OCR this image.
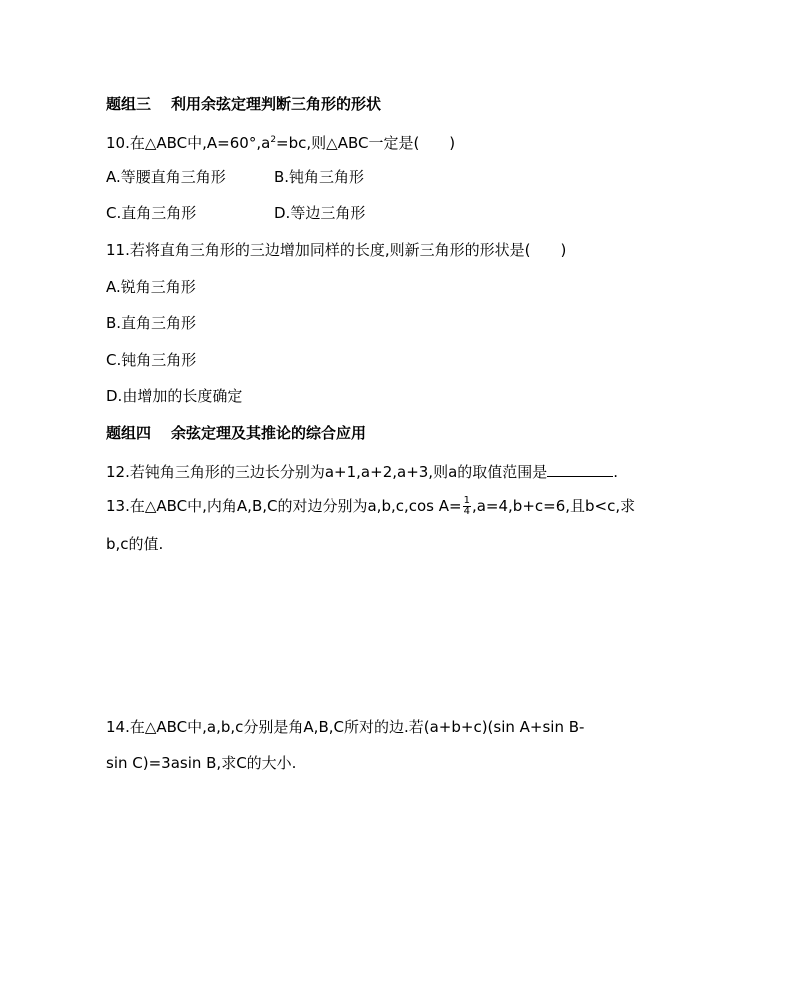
题组三 利用余弦定理判断三角形的形状
10.在△ABC中$,A=60^\circ,a^2=bc$,则△ABC一定是(　　)
A.等腰直角三角形	B.钝角三角形
C.直角三角形	D.等边三角形
11.若将直角三角形的三边增加同样的长度,则新三角形的形状是(　　)
A.锐角三角形
B.直角三角形
C.钝角三角形
D.由增加的长度确定
题组四 余弦定理及其推论的综合应用
12.若钝角三角形的三边长分别为a+1,a+2,a+3,则a的取值范围是	.
13.在△ABC中,内角A,B,C的对边分别为a,b,c,cos $A= \frac{1}{4} ,a=4,b+c=6$,且b<c,求
b,c的值.
14.在△ABC中,a,b,c分别是角A,B,C所对的边.若(a+b+c)(sin A+sin B-
sin C)=3asin B,求C的大小.
